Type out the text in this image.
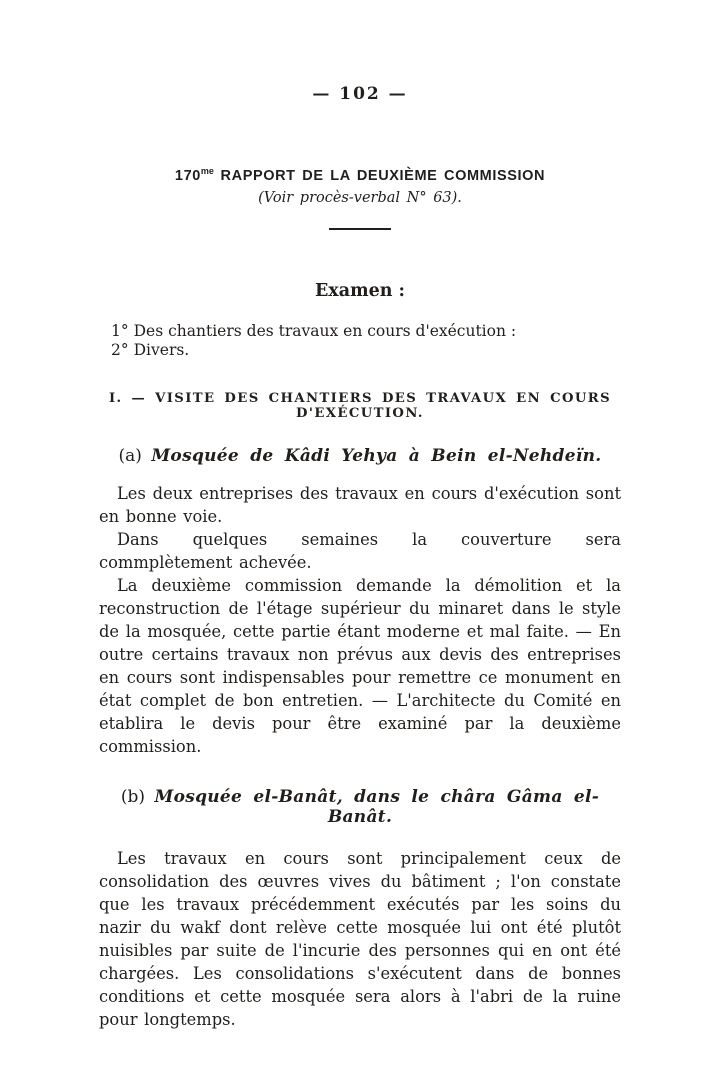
— 102 —
$170^{me}$ RAPPORT DE LA DEUXIÈME COMMISSION
(Voir procès-verbal N° 63).
Examen :
1° Des chantiers des travaux en cours d'exécution :
2° Divers.
I. — VISITE DES CHANTIERS DES TRAVAUX EN COURS D'EXÉCUTION.
(a) Mosquée de Kâdi Yehya à Bein el-Nehdeïn.

Les deux entreprises des travaux en cours d'exécution sont en bonne voie.

Dans quelques semaines la couverture sera commplètement achevée.

La deuxième commission demande la démolition et la reconstruction de l'étage supérieur du minaret dans le style de la mosquée, cette partie étant moderne et mal faite. — En outre certains travaux non prévus aux devis des entreprises en cours sont indispensables pour remettre ce monument en état complet de bon entretien. — L'architecte du Comité en etablira le devis pour être examiné par la deuxième commission.

(b) Mosquée el-Banât, dans le châra Gâma el-Banât.

Les travaux en cours sont principalement ceux de consolidation des œuvres vives du bâtiment ; l'on constate que les travaux précédemment exécutés par les soins du nazir du wakf dont relève cette mosquée lui ont été plutôt nuisibles par suite de l'incurie des personnes qui en ont été chargées. Les consolidations s'exécutent dans de bonnes conditions et cette mosquée sera alors à l'abri de la ruine pour longtemps.
